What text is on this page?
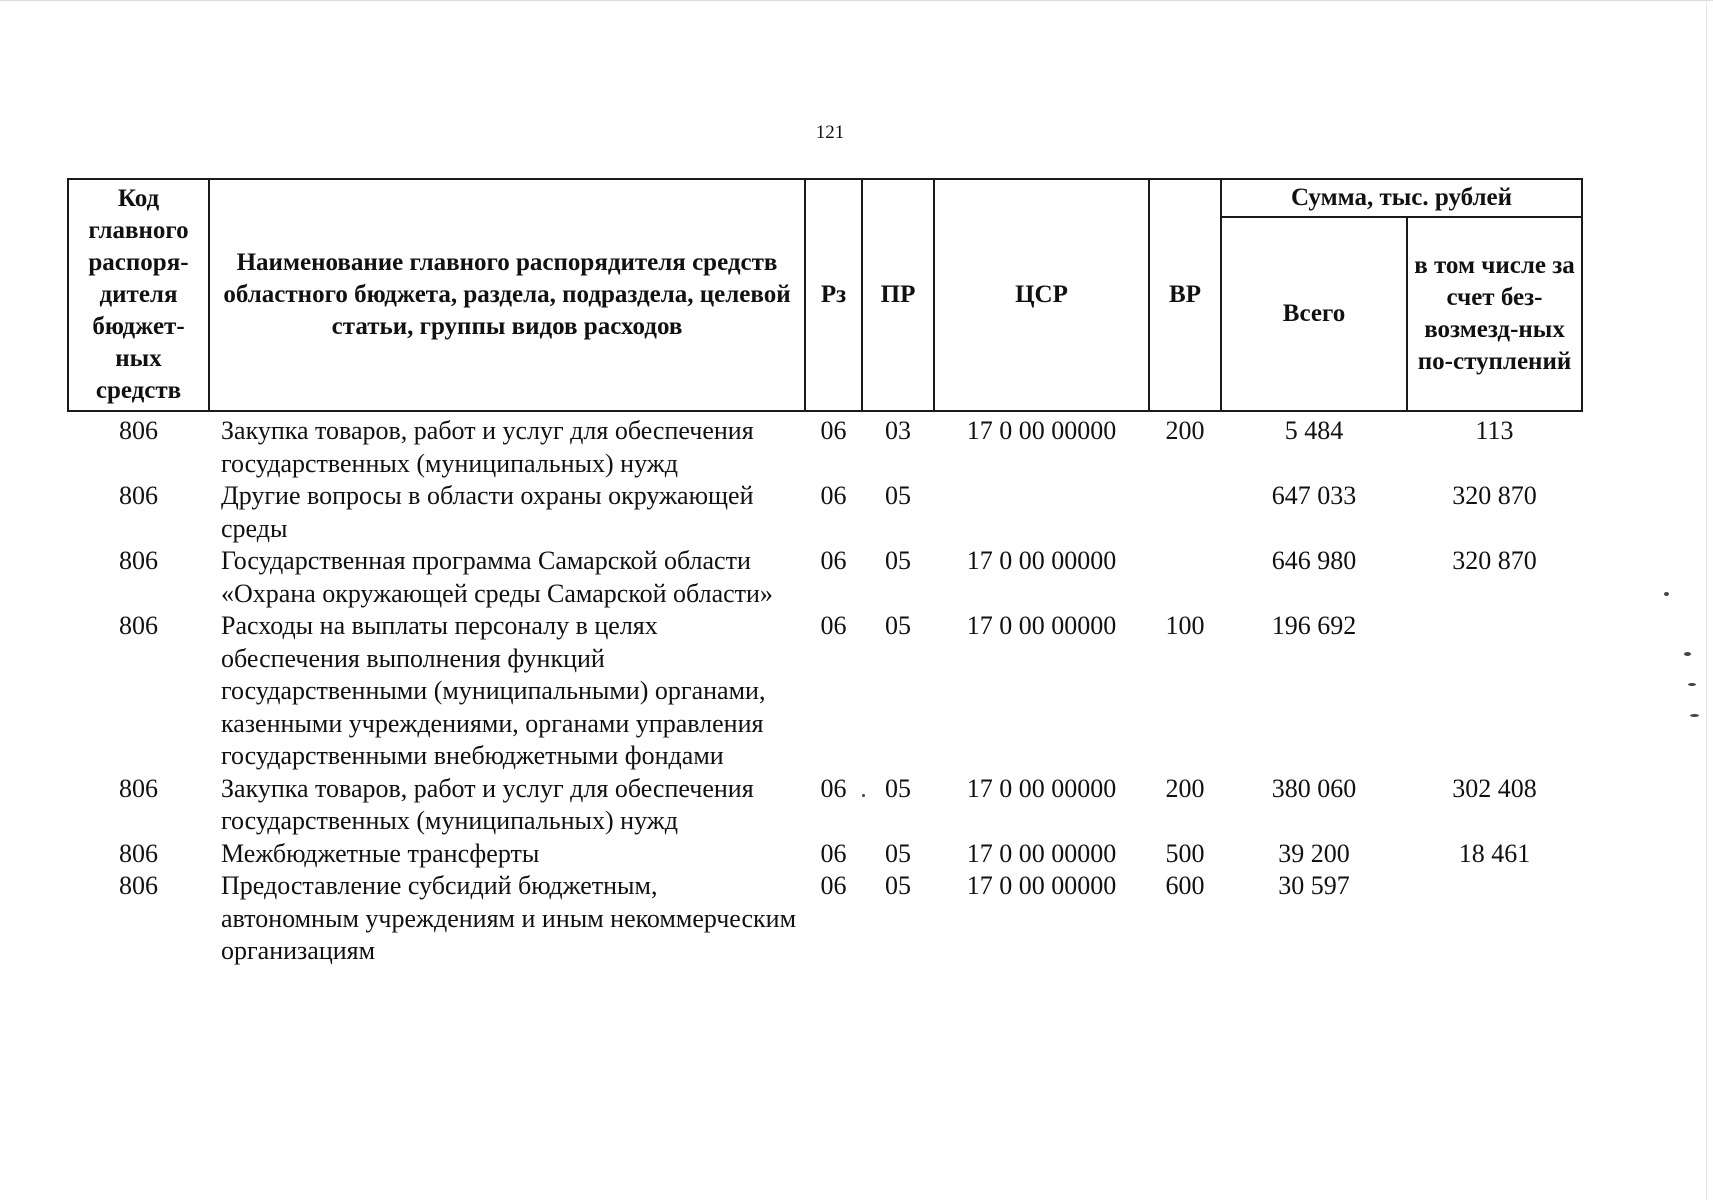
121
Код главного распоря-дителя бюджет-ных средств	Наименование главного распорядителя средств областного бюджета, раздела, подраздела, целевой статьи, группы видов расходов	Рз	ПР	ЦСР	ВР	Сумма, тыс. рублей	
						Всего	в том числе за счет без-возмезд-ных по-ступлений
806	Закупка товаров, работ и услуг для обеспечения государственных (муниципальных) нужд	06	03	17 0 00 00000	200	5 484	113
806	Другие вопросы в области охраны окружающей среды	06	05			647 033	320 870
806	Государственная программа Самарской области «Охрана окружающей среды Самарской области»	06	05	17 0 00 00000		646 980	320 870
806	Расходы на выплаты персоналу в целях обеспечения выполнения функций государственными (муниципальными) органами, казенными учреждениями, органами управления государственными внебюджетными фондами	06	05	17 0 00 00000	100	196 692	
806	Закупка товаров, работ и услуг для обеспечения государственных (муниципальных) нужд	06	05	17 0 00 00000	200	380 060	302 408
806	Межбюджетные трансферты	06	05	17 0 00 00000	500	39 200	18 461
806	Предоставление субсидий бюджетным, автономным учреждениям и иным некоммерческим организациям	06	05	17 0 00 00000	600	30 597	
